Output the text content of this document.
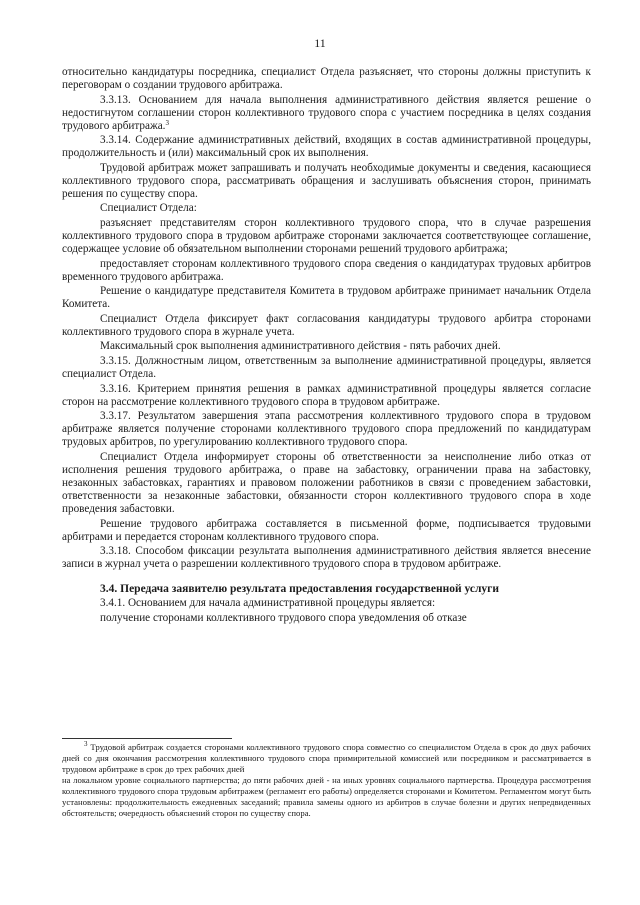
11

относительно кандидатуры посредника, специалист Отдела разъясняет, что стороны должны приступить к переговорам о создании трудового арбитража.

3.3.13. Основанием для начала выполнения административного действия является решение о недостигнутом соглашении сторон коллективного трудового спора с участием посредника в целях создания трудового арбитража.$^3$

3.3.14. Содержание административных действий, входящих в состав административной процедуры, продолжительность и (или) максимальный срок их выполнения.

Трудовой арбитраж может запрашивать и получать необходимые документы и сведения, касающиеся коллективного трудового спора, рассматривать обращения и заслушивать объяснения сторон, принимать решения по существу спора.

Специалист Отдела:

разъясняет представителям сторон коллективного трудового спора, что в случае разрешения коллективного трудового спора в трудовом арбитраже сторонами заключается соответствующее соглашение, содержащее условие об обязательном выполнении сторонами решений трудового арбитража;

предоставляет сторонам коллективного трудового спора сведения о кандидатурах трудовых арбитров временного трудового арбитража.

Решение о кандидатуре представителя Комитета в трудовом арбитраже принимает начальник Отдела Комитета.

Специалист Отдела фиксирует факт согласования кандидатуры трудового арбитра сторонами коллективного трудового спора в журнале учета.

Максимальный срок выполнения административного действия - пять рабочих дней.

3.3.15. Должностным лицом, ответственным за выполнение административной процедуры, является специалист Отдела.

3.3.16. Критерием принятия решения в рамках административной процедуры является согласие сторон на рассмотрение коллективного трудового спора в трудовом арбитраже.

3.3.17. Результатом завершения этапа рассмотрения коллективного трудового спора в трудовом арбитраже является получение сторонами коллективного трудового спора предложений по кандидатурам трудовых арбитров, по урегулированию коллективного трудового спора.

Специалист Отдела информирует стороны об ответственности за неисполнение либо отказ от исполнения решения трудового арбитража, о праве на забастовку, ограничении права на забастовку, незаконных забастовках, гарантиях и правовом положении работников в связи с проведением забастовки, ответственности за незаконные забастовки, обязанности сторон коллективного трудового спора в ходе проведения забастовки.

Решение трудового арбитража составляется в письменной форме, подписывается трудовыми арбитрами и передается сторонам коллективного трудового спора.

3.3.18. Способом фиксации результата выполнения административного действия является внесение записи в журнал учета о разрешении коллективного трудового спора в трудовом арбитраже.

3.4. Передача заявителю результата предоставления государственной услуги

3.4.1. Основанием для начала административной процедуры является:

получение сторонами коллективного трудового спора уведомления об отказе

$^3$ Трудовой арбитраж создается сторонами коллективного трудового спора совместно со специалистом Отдела в срок до двух рабочих дней со дня окончания рассмотрения коллективного трудового спора примирительной комиссией или посредником и рассматривается в трудовом арбитраже в срок до трех рабочих дней

на локальном уровне социального партнерства; до пяти рабочих дней - на иных уровнях социального партнерства. Процедура рассмотрения коллективного трудового спора трудовым арбитражем (регламент его работы) определяется сторонами и Комитетом. Регламентом могут быть установлены: продолжительность ежедневных заседаний; правила замены одного из арбитров в случае болезни и других непредвиденных обстоятельств; очередность объяснений сторон по существу спора.
